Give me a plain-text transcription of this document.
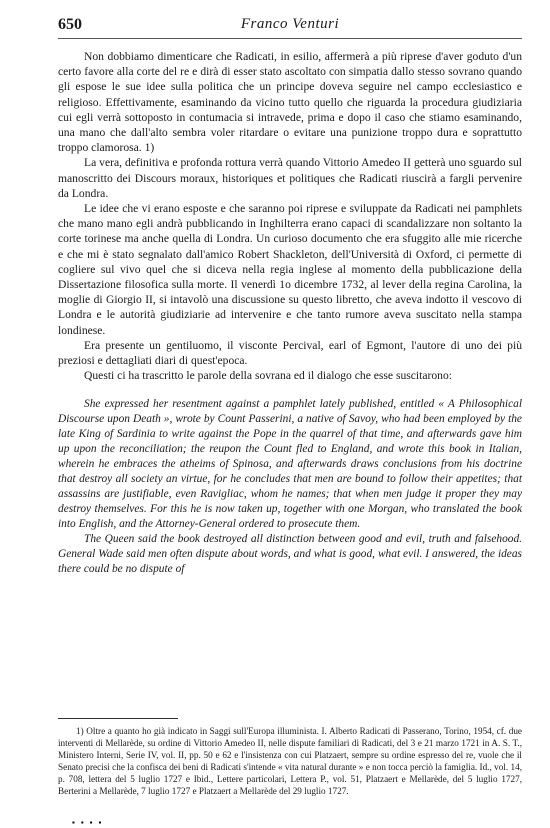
650	Franco Venturi

Non dobbiamo dimenticare che Radicati, in esilio, affermerà a più riprese d'aver goduto d'un certo favore alla corte del re e dirà di esser stato ascoltato con simpatia dallo stesso sovrano quando gli espose le sue idee sulla politica che un principe doveva seguire nel campo ecclesiastico e religioso. Effettivamente, esaminando da vicino tutto quello che riguarda la procedura giudiziaria cui egli verrà sottoposto in contumacia si intravede, prima e dopo il caso che stiamo esaminando, una mano che dall'alto sembra voler ritardare o evitare una punizione troppo dura e soprattutto troppo clamorosa. 1)

La vera, definitiva e profonda rottura verrà quando Vittorio Amedeo II getterà uno sguardo sul manoscritto dei Discours moraux, historiques et politiques che Radicati riuscirà a fargli pervenire da Londra.

Le idee che vi erano esposte e che saranno poi riprese e sviluppate da Radicati nei pamphlets che mano mano egli andrà pubblicando in Inghilterra erano capaci di scandalizzare non soltanto la corte torinese ma anche quella di Londra. Un curioso documento che era sfuggito alle mie ricerche e che mi è stato segnalato dall'amico Robert Shackleton, dell'Università di Oxford, ci permette di cogliere sul vivo quel che si diceva nella regia inglese al momento della pubblicazione della Dissertazione filosofica sulla morte. Il venerdì 1o dicembre 1732, al lever della regina Carolina, la moglie di Giorgio II, si intavolò una discussione su questo libretto, che aveva indotto il vescovo di Londra e le autorità giudiziarie ad intervenire e che tanto rumore aveva suscitato nella stampa londinese.

Era presente un gentiluomo, il visconte Percival, earl of Egmont, l'autore di uno dei più preziosi e dettagliati diari di quest'epoca.

Questi ci ha trascritto le parole della sovrana ed il dialogo che esse suscitarono:

She expressed her resentment against a pamphlet lately published, entitled « A Philosophical Discourse upon Death », wrote by Count Passerini, a native of Savoy, who had been employed by the late King of Sardinia to write against the Pope in the quarrel of that time, and afterwards gave him up upon the reconciliation; the reupon the Count fled to England, and wrote this book in Italian, wherein he embraces the atheims of Spinosa, and afterwards draws conclusions from his doctrine that destroy all society an virtue, for he concludes that men are bound to follow their appetites; that assassins are justifiable, even Ravigliac, whom he names; that when men judge it proper they may destroy themselves. For this he is now taken up, together with one Morgan, who translated the book into English, and the Attorney-General ordered to prosecute them.

The Queen said the book destroyed all distinction between good and evil, truth and falsehood. General Wade said men often dispute about words, and what is good, what evil. I answered, the ideas there could be no dispute of

1) Oltre a quanto ho già indicato in Saggi sull'Europa illuminista. I. Alberto Radicati di Passerano, Torino, 1954, cf. due interventi di Mellarède, su ordine di Vittorio Amedeo II, nelle dispute familiari di Radicati, del 3 e 21 marzo 1721 in A. S. T., Ministero Interni, Serie IV, vol. II, pp. 50 e 62 e l'insistenza con cui Platzaert, sempre su ordine espresso del re, vuole che il Senato precisi che la confisca dei beni di Radicati s'intende « vita natural durante » e non tocca perciò la famiglia. Id., vol. 14, p. 708, lettera del 5 luglio 1727 e Ibid., Lettere particolari, Lettera P., vol. 51, Platzaert e Mellarède, del 5 luglio 1727, Berterini a Mellarède, 7 luglio 1727 e Platzaert a Mellarède del 29 luglio 1727.

▪ ▪ ▪ ▪
